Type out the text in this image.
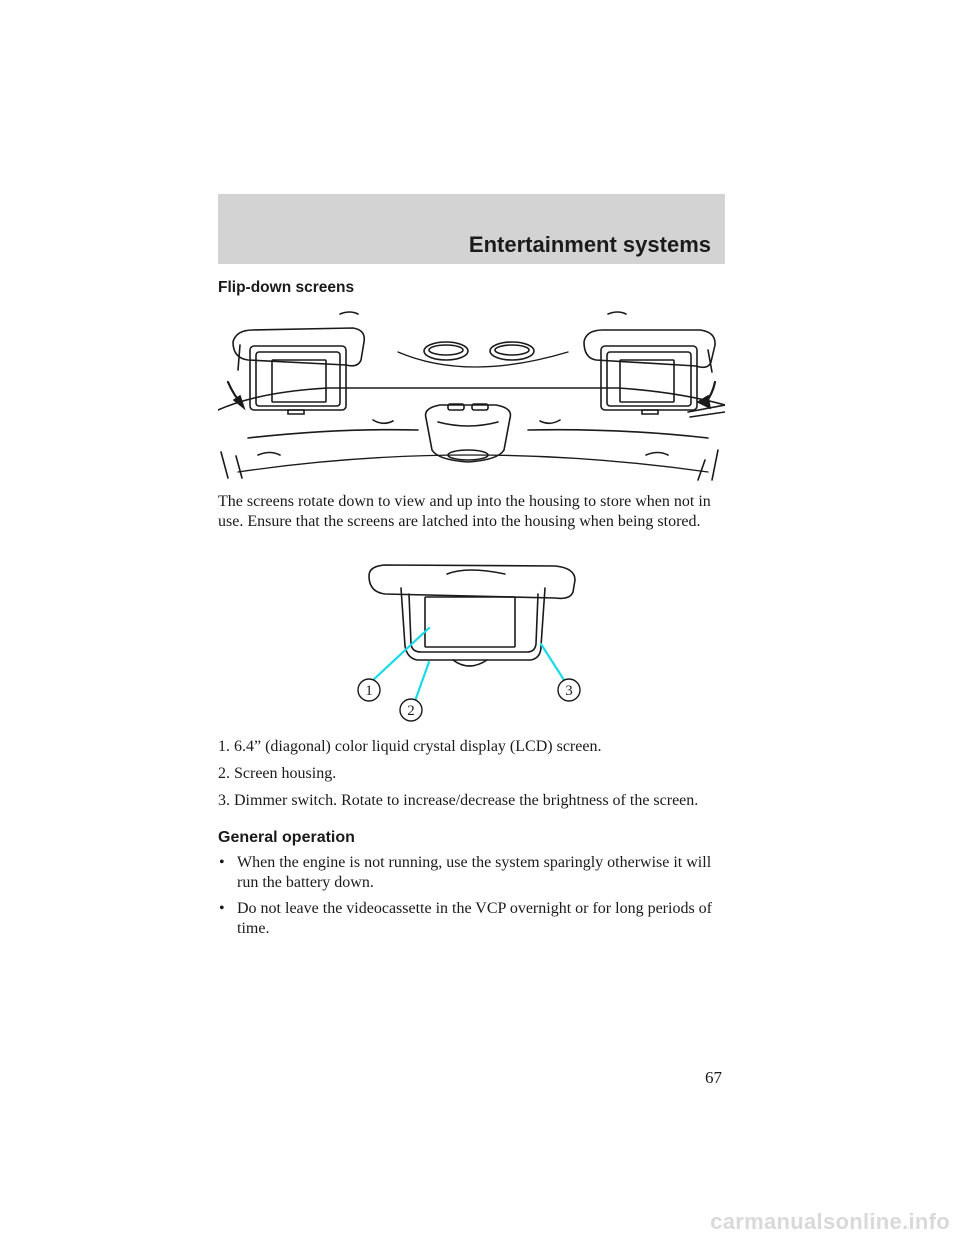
Entertainment systems
Flip-down screens
The screens rotate down to view and up into the housing to store when not in use. Ensure that the screens are latched into the housing when being stored.
1
2
3
1. 6.4” (diagonal) color liquid crystal display (LCD) screen.
2. Screen housing.
3. Dimmer switch. Rotate to increase/decrease the brightness of the screen.
General operation
• When the engine is not running, use the system sparingly otherwise it will run the battery down.
• Do not leave the videocassette in the VCP overnight or for long periods of time.
67
carmanualsonline.info
